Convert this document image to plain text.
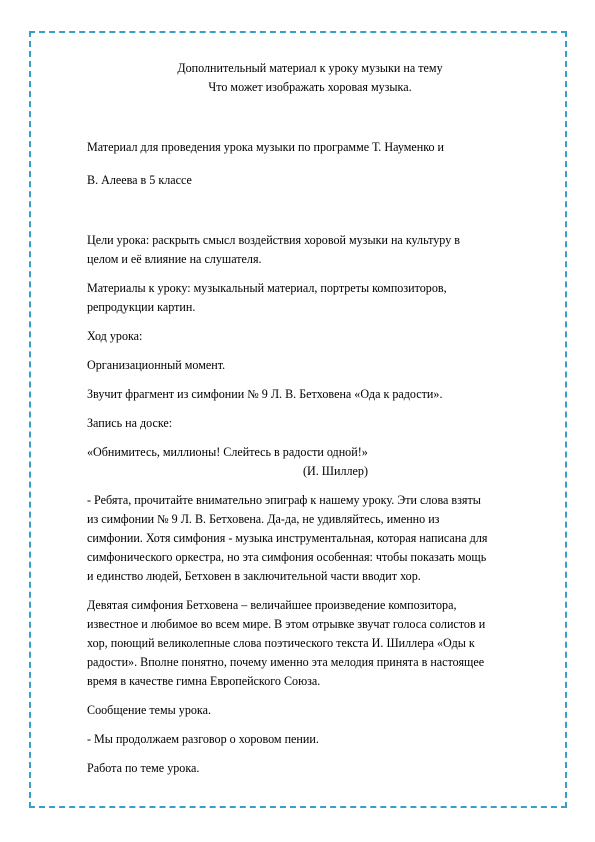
Дополнительный материал к уроку музыки на тему

Что может изображать хоровая музыка.

Материал для проведения урока музыки по программе Т. Науменко и

В. Алеева в 5 классе

Цели урока: раскрыть смысл воздействия хоровой музыки на культуру в

целом и её влияние на слушателя.

Материалы к уроку: музыкальный материал, портреты композиторов,

репродукции картин.

Ход урока:

Организационный момент.

Звучит фрагмент из симфонии № 9 Л. В. Бетховена «Ода к радости».

Запись на доске:

«Обнимитесь, миллионы! Слейтесь в радости одной!»

(И. Шиллер)

- Ребята, прочитайте внимательно эпиграф к нашему уроку. Эти слова взяты

из симфонии № 9 Л. В. Бетховена. Да-да, не удивляйтесь, именно из

симфонии. Хотя симфония - музыка инструментальная, которая написана для

симфонического оркестра, но эта симфония особенная: чтобы показать мощь

и единство людей, Бетховен в заключительной части вводит хор.

Девятая симфония Бетховена – величайшее произведение композитора,

известное и любимое во всем мире. В этом отрывке звучат голоса солистов и

хор, поющий великолепные слова поэтического текста И. Шиллера «Оды к

радости». Вполне понятно, почему именно эта мелодия принята в настоящее

время в качестве гимна Европейского Союза.

Сообщение темы урока.

- Мы продолжаем разговор о хоровом пении.

Работа по теме урока.
